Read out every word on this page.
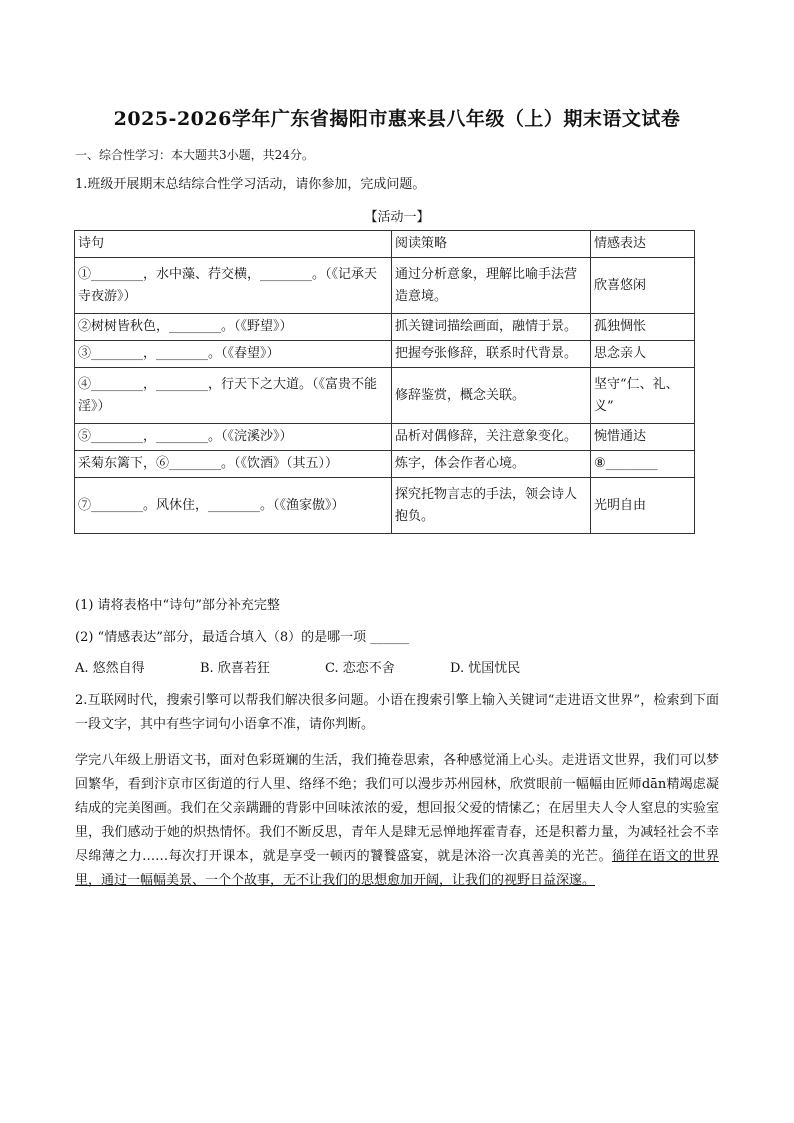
2025-2026学年广东省揭阳市惠来县八年级（上）期末语文试卷
一、综合性学习：本大题共3小题，共24分。
1.班级开展期末总结综合性学习活动，请你参加，完成问题。
【活动一】
诗句	阅读策略	情感表达
①________，水中藻、荇交横，________。（《记承天寺夜游》）	通过分析意象，理解比喻手法营造意境。	欣喜悠闲
②树树皆秋色，________。（《野望》）	抓关键词描绘画面，融情于景。	孤独惆怅
③________，________。（《春望》）	把握夸张修辞，联系时代背景。	思念亲人
④________，________，行天下之大道。（《富贵不能淫》）	修辞鉴赏，概念关联。	坚守“仁、礼、义”
⑤________，________。（《浣溪沙》）	品析对偶修辞，关注意象变化。	惋惜通达
采菊东篱下，⑥________。（《饮酒》（其五））	炼字，体会作者心境。	⑧________
⑦________。风休住，________。（《渔家傲》）	探究托物言志的手法，领会诗人抱负。	光明自由
(1) 请将表格中“诗句”部分补充完整
(2) “情感表达”部分，最适合填入（8）的是哪一项 ______
A. 悠然自得	B. 欣喜若狂	C. 恋恋不舍	D. 忧国忧民
2.互联网时代，搜索引擎可以帮我们解决很多问题。小语在搜索引擎上输入关键词“走进语文世界”，检索到下面一段文字，其中有些字词句小语拿不准，请你判断。
学完八年级上册语文书，面对色彩斑斓的生活，我们掩卷思索，各种感觉涌上心头。走进语文世界，我们可以梦回繁华，看到汴京市区街道的行人里、络绎不绝；我们可以漫步苏州园林，欣赏眼前一幅幅由匠师dān精竭虑凝结成的完美图画。我们在父亲蹒跚的背影中回味浓浓的爱，想回报父爱的情愫乙；在居里夫人令人窒息的实验室里，我们感动于她的炽热情怀。我们不断反思，青年人是肆无忌惮地挥霍青春，还是积蓄力量，为减轻社会不幸尽绵薄之力……每次打开课本，就是享受一顿丙的饕餮盛宴，就是沐浴一次真善美的光芒。徜徉在语文的世界里，通过一幅幅美景、一个个故事，无不让我们的思想愈加开阔，让我们的视野日益深邃。
